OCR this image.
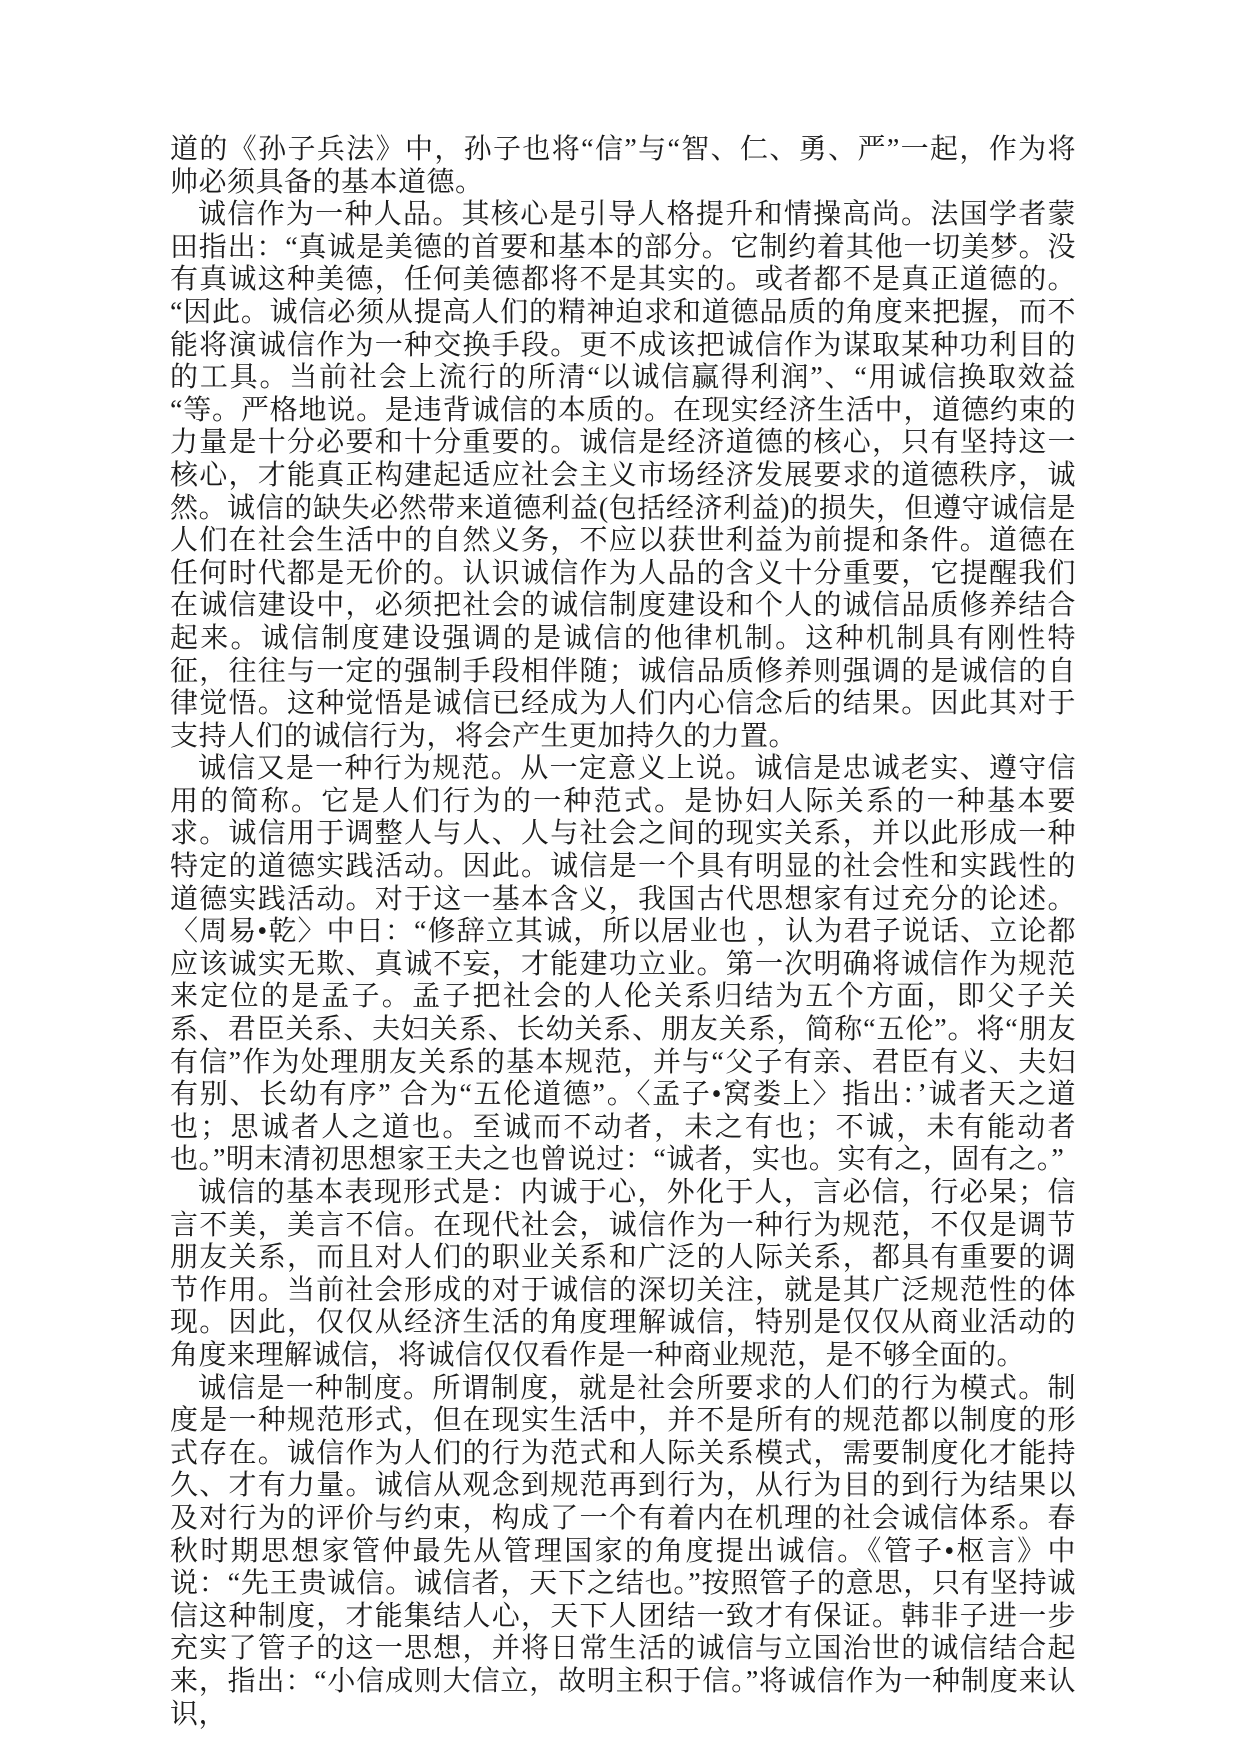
道的《孙子兵法》中，孙子也将“信”与“智、仁、勇、严”一起，作为将帅必须具备的基本道德。

诚信作为一种人品。其核心是引导人格提升和情操高尚。法国学者蒙田指出：“真诚是美德的首要和基本的部分。它制约着其他一切美梦。没有真诚这种美德，任何美德都将不是其实的。或者都不是真正道德的。“因此。诚信必须从提高人们的精神迫求和道德品质的角度来把握，而不能将演诚信作为一种交换手段。更不成该把诚信作为谋取某种功利目的的工具。当前社会上流行的所清“以诚信赢得利润”、“用诚信换取效益“等。严格地说。是违背诚信的本质的。在现实经济生活中，道德约束的力量是十分必要和十分重要的。诚信是经济道德的核心，只有坚持这一核心，才能真正构建起适应社会主义市场经济发展要求的道德秩序，诚然。诚信的缺失必然带来道德利益(包括经济利益)的损失，但遵守诚信是人们在社会生活中的自然义务，不应以获世利益为前提和条件。道德在任何时代都是无价的。认识诚信作为人品的含义十分重要，它提醒我们在诚信建设中，必须把社会的诚信制度建设和个人的诚信品质修养结合起来。诚信制度建设强调的是诚信的他律机制。这种机制具有刚性特征，往往与一定的强制手段相伴随；诚信品质修养则强调的是诚信的自 律觉悟。这种觉悟是诚信已经成为人们内心信念后的结果。因此其对于支持人们的诚信行为，将会产生更加持久的力置。

诚信又是一种行为规范。从一定意义上说。诚信是忠诚老实、遵守信用的简称。它是人们行为的一种范式。是协妇人际关系的一种基本要求。诚信用于调整人与人、人与社会之间的现实关系，并以此形成一种特定的道德实践活动。因此。诚信是一个具有明显的社会性和实践性的道德实践活动。对于这一基本含义，我国古代思想家有过充分的论述。〈周易•乾〉中日：“修辞立其诚，所以居业也 ，认为君子说话、立论都应该诚实无欺、真诚不妄，才能建功立业。第一次明确将诚信作为规范来定位的是孟子。孟子把社会的人伦关系归结为五个方面，即父子关系、君臣关系、夫妇关系、长幼关系、朋友关系，简称“五伦”。将“朋友有信”作为处理朋友关系的基本规范，并与“父子有亲、君臣有义、夫妇有别、长幼有序” 合为“五伦道德”。〈孟子•窝娄上〉指出：’诚者天之道也；思诚者人之道也。至诚而不动者，未之有也；不诚，未有能动者也。”明末清初思想家王夫之也曾说过：“诚者，实也。实有之，固有之。”

诚信的基本表现形式是：内诚于心，外化于人，言必信，行必杲；信言不美，美言不信。在现代社会，诚信作为一种行为规范，不仅是调节朋友关系，而且对人们的职业关系和广泛的人际关系，都具有重要的调节作用。当前社会形成的对于诚信的深切关注，就是其广泛规范性的体现。因此，仅仅从经济生活的角度理解诚信，特别是仅仅从商业活动的角度来理解诚信，将诚信仅仅看作是一种商业规范，是不够全面的。

诚信是一种制度。所谓制度，就是社会所要求的人们的行为模式。制度是一种规范形式，但在现实生活中，并不是所有的规范都以制度的形式存在。诚信作为人们的行为范式和人际关系模式，需要制度化才能持久、才有力量。诚信从观念到规范再到行为，从行为目的到行为结果以及对行为的评价与约束，构成了一个有着内在机理的社会诚信体系。春秋时期思想家管仲最先从管理国家的角度提出诚信。《管子•枢言》中说：“先王贵诚信。诚信者，天下之结也。”按照管子的意思，只有坚持诚信这种制度，才能集结人心，天下人团结一致才有保证。韩非子进一步充实了管子的这一思想，并将日常生活的诚信与立国治世的诚信结合起来，指出：“小信成则大信立，故明主积于信。”将诚信作为一种制度来认识，
